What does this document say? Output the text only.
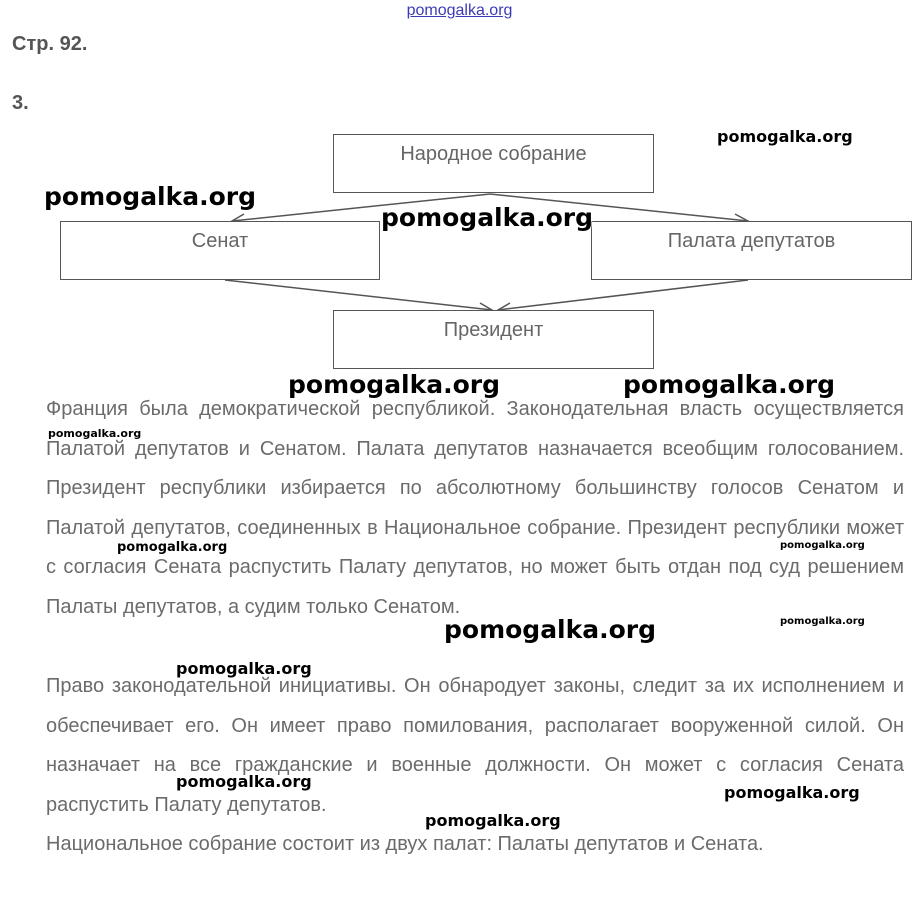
pomogalka.org
Стр. 92.
3.
Народное собрание
Сенат	Палата депутатов
Президент

Франция была демократической республикой. Законодательная власть осуществляется Палатой депутатов и Сенатом. Палата депутатов назначается всеобщим голосованием. Президент республики избирается по абсолютному большинству голосов Сенатом и Палатой депутатов, соединенных в Национальное собрание. Президент республики может с согласия Сената распустить Палату депутатов, но может быть отдан под суд решением Палаты депутатов, а судим только Сенатом.

Право законодательной инициативы. Он обнародует законы, следит за их исполнением и обеспечивает его. Он имеет право помилования, располагает вооруженной силой. Он назначает на все гражданские и военные должности. Он может с согласия Сената распустить Палату депутатов.

Национальное собрание состоит из двух палат: Палаты депутатов и Сената.

pomogalka.org
pomogalka.org
pomogalka.org
pomogalka.org	pomogalka.org
pomogalka.org
pomogalka.org	pomogalka.org
pomogalka.org	pomogalka.org
pomogalka.org
pomogalka.org
pomogalka.org
pomogalka.org
